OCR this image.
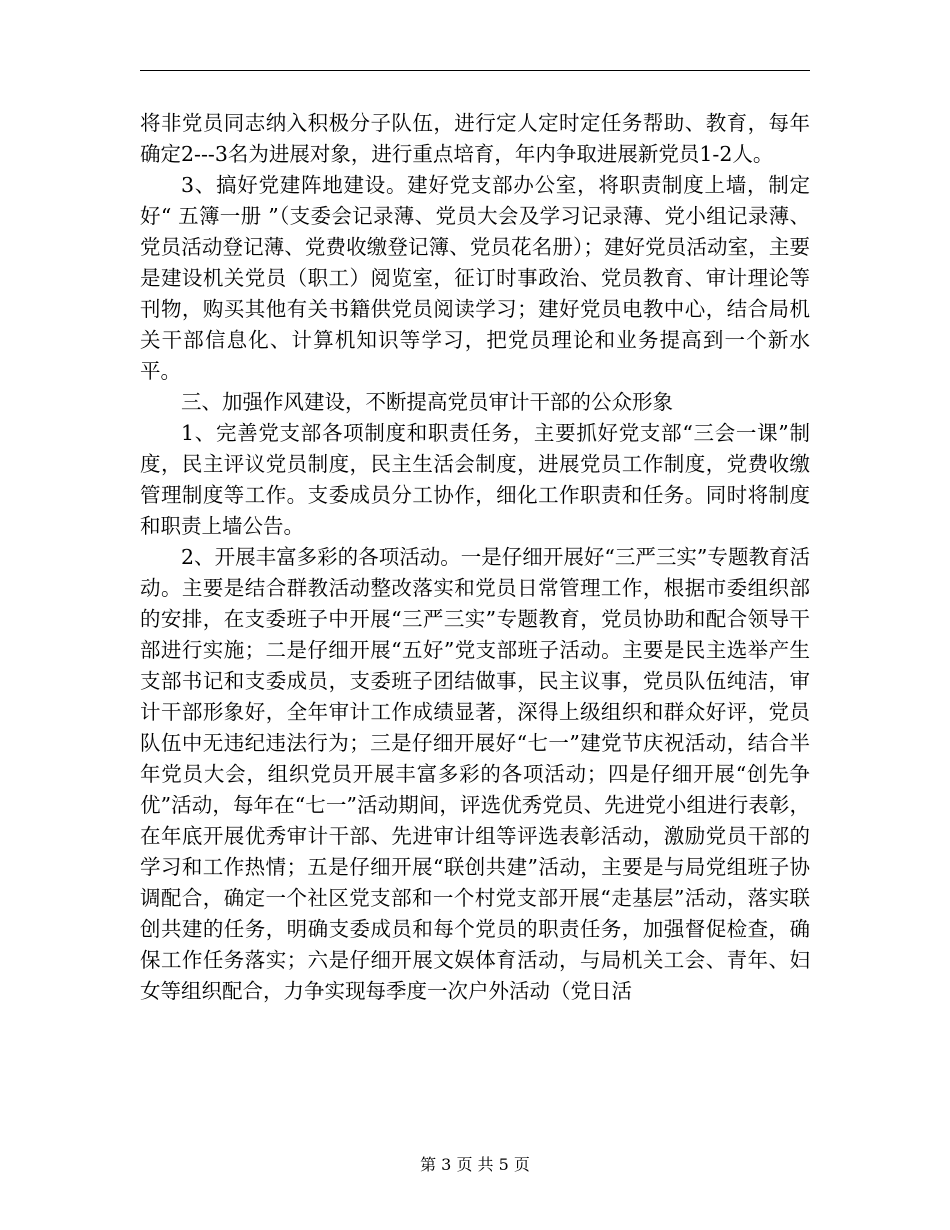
将非党员同志纳入积极分子队伍，进行定人定时定任务帮助、教育，每年确定2---3名为进展对象，进行重点培育，年内争取进展新党员1-2人。

3、搞好党建阵地建设。建好党支部办公室，将职责制度上墙，制定好“ 五簿一册 ”（支委会记录薄、党员大会及学习记录薄、党小组记录薄、党员活动登记薄、党费收缴登记簿、党员花名册）；建好党员活动室，主要是建设机关党员（职工）阅览室，征订时事政治、党员教育、审计理论等刊物，购买其他有关书籍供党员阅读学习；建好党员电教中心，结合局机关干部信息化、计算机知识等学习，把党员理论和业务提高到一个新水平。

三、加强作风建设，不断提高党员审计干部的公众形象

1、完善党支部各项制度和职责任务，主要抓好党支部“三会一课”制度，民主评议党员制度，民主生活会制度，进展党员工作制度，党费收缴管理制度等工作。支委成员分工协作，细化工作职责和任务。同时将制度和职责上墙公告。

2、开展丰富多彩的各项活动。一是仔细开展好“三严三实”专题教育活动。主要是结合群教活动整改落实和党员日常管理工作，根据市委组织部的安排，在支委班子中开展“三严三实”专题教育，党员协助和配合领导干部进行实施；二是仔细开展“五好”党支部班子活动。主要是民主选举产生支部书记和支委成员，支委班子团结做事，民主议事，党员队伍纯洁，审计干部形象好，全年审计工作成绩显著，深得上级组织和群众好评，党员队伍中无违纪违法行为；三是仔细开展好“七一”建党节庆祝活动，结合半年党员大会，组织党员开展丰富多彩的各项活动；四是仔细开展“创先争优”活动，每年在“七一”活动期间，评选优秀党员、先进党小组进行表彰，在年底开展优秀审计干部、先进审计组等评选表彰活动，激励党员干部的学习和工作热情；五是仔细开展“联创共建”活动，主要是与局党组班子协调配合，确定一个社区党支部和一个村党支部开展“走基层”活动，落实联创共建的任务，明确支委成员和每个党员的职责任务，加强督促检查，确保工作任务落实；六是仔细开展文娱体育活动，与局机关工会、青年、妇女等组织配合，力争实现每季度一次户外活动（党日活

第 3 页 共 5 页
